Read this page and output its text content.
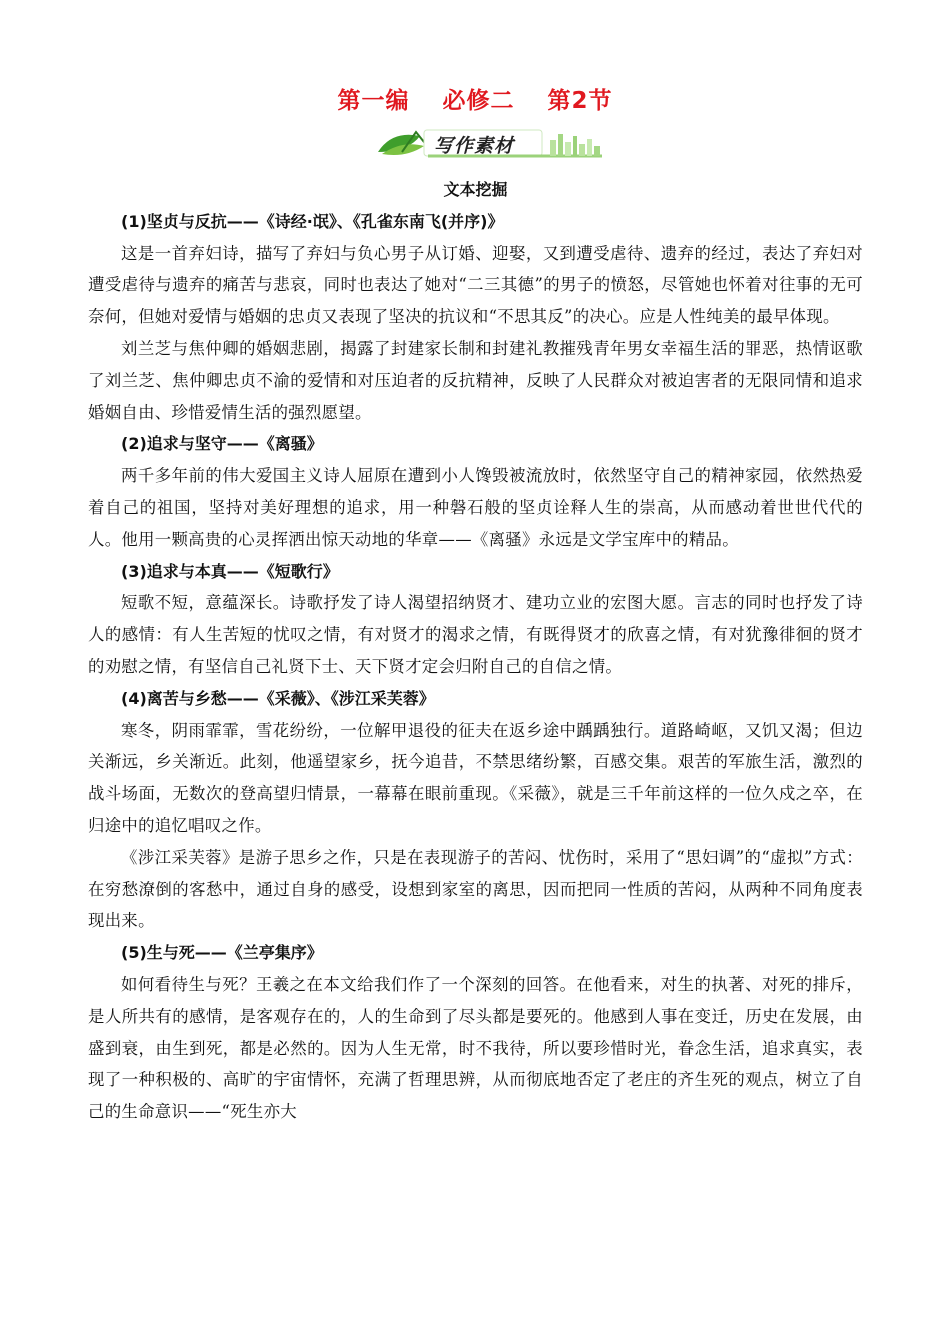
第一编 必修二 第2节
写作素材

文本挖掘

(1)坚贞与反抗——《诗经·氓》、《孔雀东南飞(并序)》

这是一首弃妇诗，描写了弃妇与负心男子从订婚、迎娶，又到遭受虐待、遗弃的经过，表达了弃妇对遭受虐待与遗弃的痛苦与悲哀，同时也表达了她对“二三其德”的男子的愤怒，尽管她也怀着对往事的无可奈何，但她对爱情与婚姻的忠贞又表现了坚决的抗议和“不思其反”的决心。应是人性纯美的最早体现。

刘兰芝与焦仲卿的婚姻悲剧，揭露了封建家长制和封建礼教摧残青年男女幸福生活的罪恶，热情讴歌了刘兰芝、焦仲卿忠贞不渝的爱情和对压迫者的反抗精神，反映了人民群众对被迫害者的无限同情和追求婚姻自由、珍惜爱情生活的强烈愿望。

(2)追求与坚守——《离骚》

两千多年前的伟大爱国主义诗人屈原在遭到小人馋毁被流放时，依然坚守自己的精神家园，依然热爱着自己的祖国，坚持对美好理想的追求，用一种磐石般的坚贞诠释人生的崇高，从而感动着世世代代的人。他用一颗高贵的心灵挥洒出惊天动地的华章——《离骚》永远是文学宝库中的精品。

(3)追求与本真——《短歌行》

短歌不短，意蕴深长。诗歌抒发了诗人渴望招纳贤才、建功立业的宏图大愿。言志的同时也抒发了诗人的感情：有人生苦短的忧叹之情，有对贤才的渴求之情，有既得贤才的欣喜之情，有对犹豫徘徊的贤才的劝慰之情，有坚信自己礼贤下士、天下贤才定会归附自己的自信之情。

(4)离苦与乡愁——《采薇》、《涉江采芙蓉》

寒冬，阴雨霏霏，雪花纷纷，一位解甲退役的征夫在返乡途中踽踽独行。道路崎岖，又饥又渴；但边关渐远，乡关渐近。此刻，他遥望家乡，抚今追昔，不禁思绪纷繁，百感交集。艰苦的军旅生活，激烈的战斗场面，无数次的登高望归情景，一幕幕在眼前重现。《采薇》，就是三千年前这样的一位久戍之卒，在归途中的追忆唱叹之作。

《涉江采芙蓉》是游子思乡之作，只是在表现游子的苦闷、忧伤时，采用了“思妇调”的“虚拟”方式：在穷愁潦倒的客愁中，通过自身的感受，设想到家室的离思，因而把同一性质的苦闷，从两种不同角度表现出来。

(5)生与死——《兰亭集序》

如何看待生与死？王羲之在本文给我们作了一个深刻的回答。在他看来，对生的执著、对死的排斥，是人所共有的感情，是客观存在的，人的生命到了尽头都是要死的。他感到人事在变迁，历史在发展，由盛到衰，由生到死，都是必然的。因为人生无常，时不我待，所以要珍惜时光，眷念生活，追求真实，表现了一种积极的、高旷的宇宙情怀，充满了哲理思辨，从而彻底地否定了老庄的齐生死的观点，树立了自己的生命意识——“死生亦大
